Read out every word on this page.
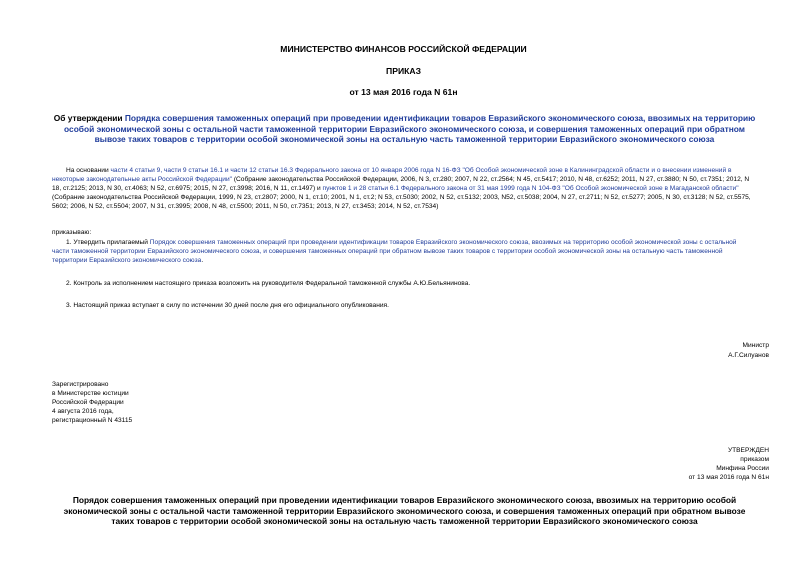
МИНИСТЕРСТВО ФИНАНСОВ РОССИЙСКОЙ ФЕДЕРАЦИИ
ПРИКАЗ
от 13 мая 2016 года N 61н
Об утверждении Порядка совершения таможенных операций при проведении идентификации товаров Евразийского экономического союза, ввозимых на территорию особой экономической зоны с остальной части таможенной территории Евразийского экономического союза, и совершения таможенных операций при обратном вывозе таких товаров с территории особой экономической зоны на остальную часть таможенной территории Евразийского экономического союза
На основании части 4 статьи 9, части 9 статьи 16.1 и части 12 статьи 16.3 Федерального закона от 10 января 2006 года N 16-ФЗ "Об Особой экономической зоне в Калининградской области и о внесении изменений в некоторые законодательные акты Российской Федерации" (Собрание законодательства Российской Федерации, 2006, N 3, ст.280; 2007, N 22, ст.2564; N 45, ст.5417; 2010, N 48, ст.6252; 2011, N 27, ст.3880; N 50, ст.7351; 2012, N 18, ст.2125; 2013, N 30, ст.4063; N 52, ст.6975; 2015, N 27, ст.3998; 2016, N 11, ст.1497) и пунктов 1 и 28 статьи 6.1 Федерального закона от 31 мая 1999 года N 104-ФЗ "Об Особой экономической зоне в Магаданской области" (Собрание законодательства Российской Федерации, 1999, N 23, ст.2807; 2000, N 1, ст.10; 2001, N 1, ст.2; N 53, ст.5030; 2002, N 52, ст.5132; 2003, N52, ст.5038; 2004, N 27, ст.2711; N 52, ст.5277; 2005, N 30, ст.3128; N 52, ст.5575, 5602; 2006, N 52, ст.5504; 2007, N 31, ст.3995; 2008, N 48, ст.5500; 2011, N 50, ст.7351; 2013, N 27, ст.3453; 2014, N 52, ст.7534)
приказываю:
1. Утвердить прилагаемый Порядок совершения таможенных операций при проведении идентификации товаров Евразийского экономического союза, ввозимых на территорию особой экономической зоны с остальной части таможенной территории Евразийского экономического союза, и совершения таможенных операций при обратном вывозе таких товаров с территории особой экономической зоны на остальную часть таможенной территории Евразийского экономического союза.
2. Контроль за исполнением настоящего приказа возложить на руководителя Федеральной таможенной службы А.Ю.Бельянинова.
3. Настоящий приказ вступает в силу по истечении 30 дней после дня его официального опубликования.
Министр
А.Г.Силуанов
Зарегистрировано
в Министерстве юстиции
Российской Федерации
4 августа 2016 года,
регистрационный N 43115
УТВЕРЖДЕН
приказом
Минфина России
от 13 мая 2016 года N 61н
Порядок совершения таможенных операций при проведении идентификации товаров Евразийского экономического союза, ввозимых на территорию особой экономической зоны с остальной части таможенной территории Евразийского экономического союза, и совершения таможенных операций при обратном вывозе таких товаров с территории особой экономической зоны на остальную часть таможенной территории Евразийского экономического союза
